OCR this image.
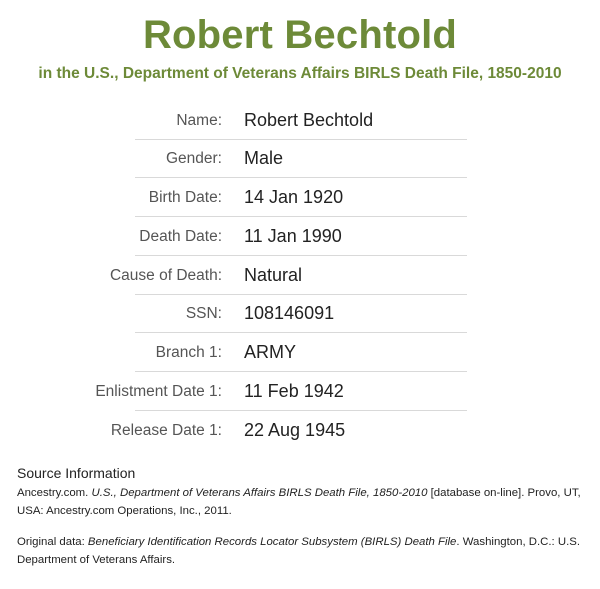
Robert Bechtold
in the U.S., Department of Veterans Affairs BIRLS Death File, 1850-2010
Name: Robert Bechtold
Gender: Male
Birth Date: 14 Jan 1920
Death Date: 11 Jan 1990
Cause of Death: Natural
SSN: 108146091
Branch 1: ARMY
Enlistment Date 1: 11 Feb 1942
Release Date 1: 22 Aug 1945
Source Information
Ancestry.com. U.S., Department of Veterans Affairs BIRLS Death File, 1850-2010 [database on-line]. Provo, UT, USA: Ancestry.com Operations, Inc., 2011.
Original data: Beneficiary Identification Records Locator Subsystem (BIRLS) Death File. Washington, D.C.: U.S. Department of Veterans Affairs.
